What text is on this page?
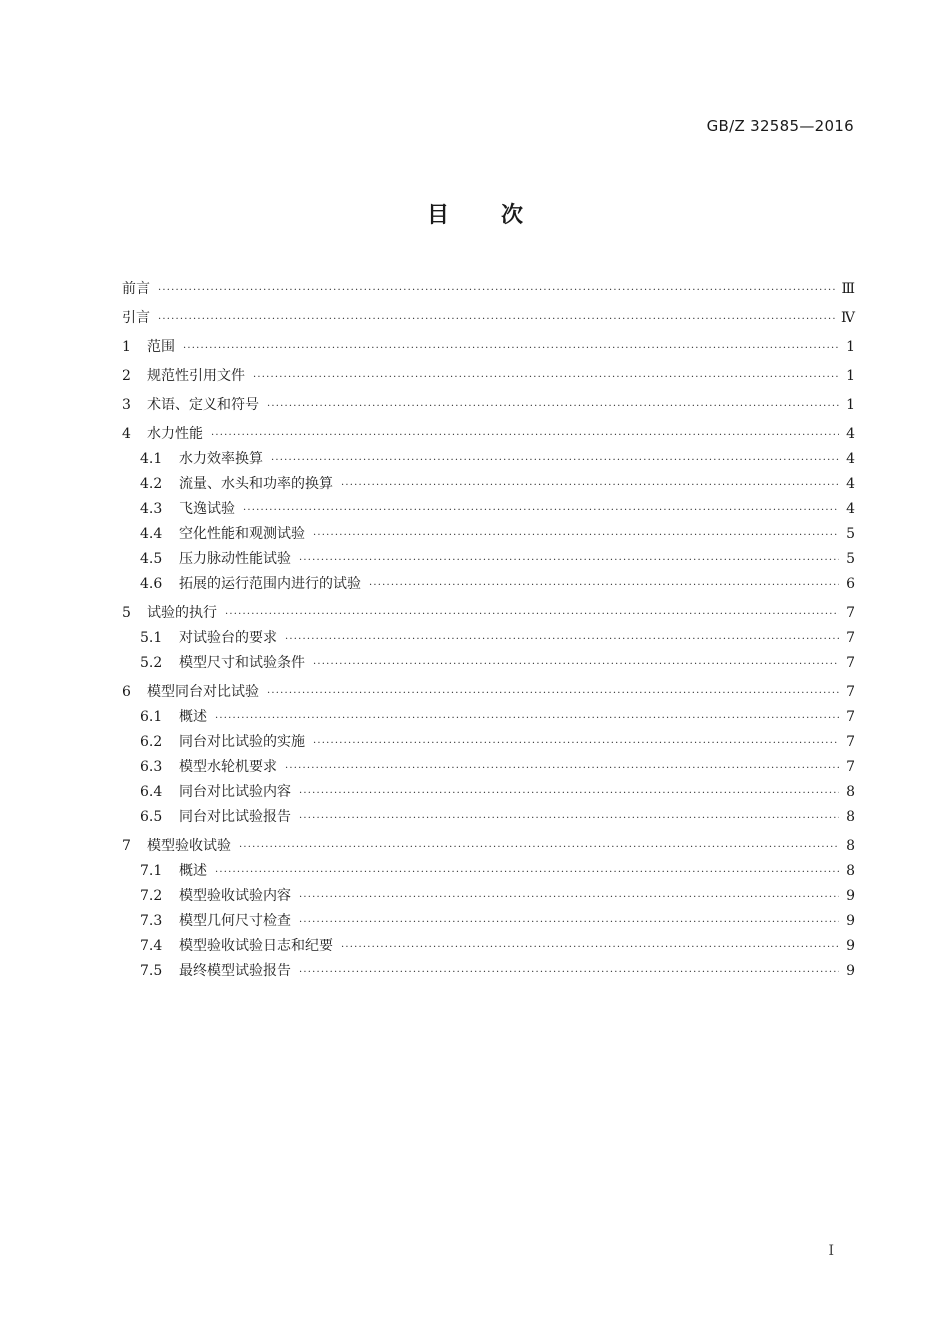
GB/Z 32585—2016
目 次
前言 ·····	Ⅲ
引言 ·····	Ⅳ
1	范围 ·····	1
2	规范性引用文件 ·····	1
3	术语、定义和符号 ·····	1
4	水力性能 ·····	4
4.1	水力效率换算 ·····	4
4.2	流量、水头和功率的换算 ·····	4
4.3	飞逸试验 ·····	4
4.4	空化性能和观测试验 ·····	5
4.5	压力脉动性能试验 ·····	5
4.6	拓展的运行范围内进行的试验 ·····	6
5	试验的执行 ·····	7
5.1	对试验台的要求 ·····	7
5.2	模型尺寸和试验条件 ·····	7
6	模型同台对比试验 ·····	7
6.1	概述 ·····	7
6.2	同台对比试验的实施 ·····	7
6.3	模型水轮机要求 ·····	7
6.4	同台对比试验内容 ·····	8
6.5	同台对比试验报告 ·····	8
7	模型验收试验 ·····	8
7.1	概述 ·····	8
7.2	模型验收试验内容 ·····	9
7.3	模型几何尺寸检查 ·····	9
7.4	模型验收试验日志和纪要 ·····	9
7.5	最终模型试验报告 ·····	9
Ⅰ
